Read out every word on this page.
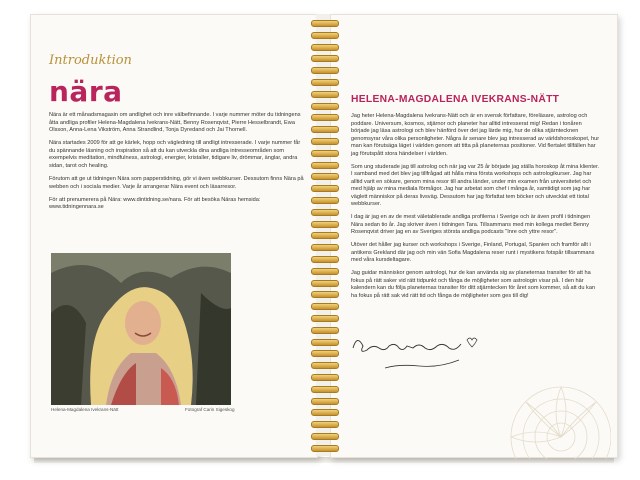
Introduktion
nära

Nära är ett månadsmagasin om andlighet och inre välbefinnande. I varje nummer möter du tidningens åtta andliga profiler Helena-Magdalena Ivekrans-Nätt, Benny Rosenqvist, Pierre Hesselbrandt, Ewa Olsson, Anna-Lena Vikström, Anna Strandlind, Tonja Dyredand och Jai Thornell.

Nära startades 2009 för att ge kärlek, hopp och vägledning till andligt intresserade. I varje nummer får du spännande läsning och inspiration så att du kan utveckla dina andliga intresseområden som exempelvis meditation, mindfulness, astrologi, energier, kristaller, tidigare liv, drömmar, änglar, andra sidan, tarot och healing.

Förutom att ge ut tidningen Nära som papperstidning, gör vi även webbkurser. Dessutom finns Nära på webben och i sociala medier. Varje år arrangerar Nära event och läsarresor.

För att prenumerera på Nära: www.dintidning.se/nara. För att besöka Näras hemsida: www.tidningennara.se

Helena-Magdalena Ivekrans-Nätt	Fotograf Carin Sigeskog
HELENA-MAGDALENA IVEKRANS-NÄTT

Jag heter Helena-Magdalena Ivekrans-Nätt och är en svensk författare, föreläsare, astrolog och poddare. Universum, kosmos, stjärnor och planeter har alltid intresserat mig! Redan i tonåren började jag läsa astrologi och blev hänförd över det jag lärde mig, hur de olika stjärntecknen genomsyrar våra olika personligheter. Några år senare blev jag intresserad av världshoroskopet, hur man kan förutsäga läget i världen genom att titta på planeternas positioner. Vid flertalet tillfällen har jag förutspått stora händelser i världen.

Som ung studerade jag till astrolog och när jag var 25 år började jag ställa horoskop åt mina klienter. I samband med det blev jag tillfrågad att hålla mina första workshops och astrologikurser. Jag har alltid varit en sökare, genom mina resor till andra länder, under min examen från universitetet och med hjälp av mina mediala förmågor. Jag har arbetat som chef i många år, samtidigt som jag har väglett människor på deras livsväg. Dessutom har jag författat tem böcker och utvecklat ett tiotal webbkurser.

I dag är jag en av de mest väletablerade andliga profilerna i Sverige och är även profil i tidningen Nära sedan tio år. Jag skriver även i tidningen Tara. Tillsammans med min kollega mediet Benny Rosenqvist driver jag en av Sveriges största andliga podcasts "Inre och yttre resor".

Utöver det håller jag kurser och workshops i Sverige, Finland, Portugal, Spanien och framför allt i antikens Grekland där jag och min vän Sofia Magdalena reser runt i mystikens fotspår tillsammans med våra kursdeltagare.

Jag guidar människor genom astrologi, hur de kan använda sig av planeternas transiter för att ha fokus på rätt saker vid rätt tidpunkt och fånga de möjligheter som astrologin visar på. I den här kalendern kan du följa planeternas transiter för ditt stjärntecken för året som kommer, så att du kan ha fokus på rätt sak vid rätt tid och fånga de möjligheter som ges till dig!
